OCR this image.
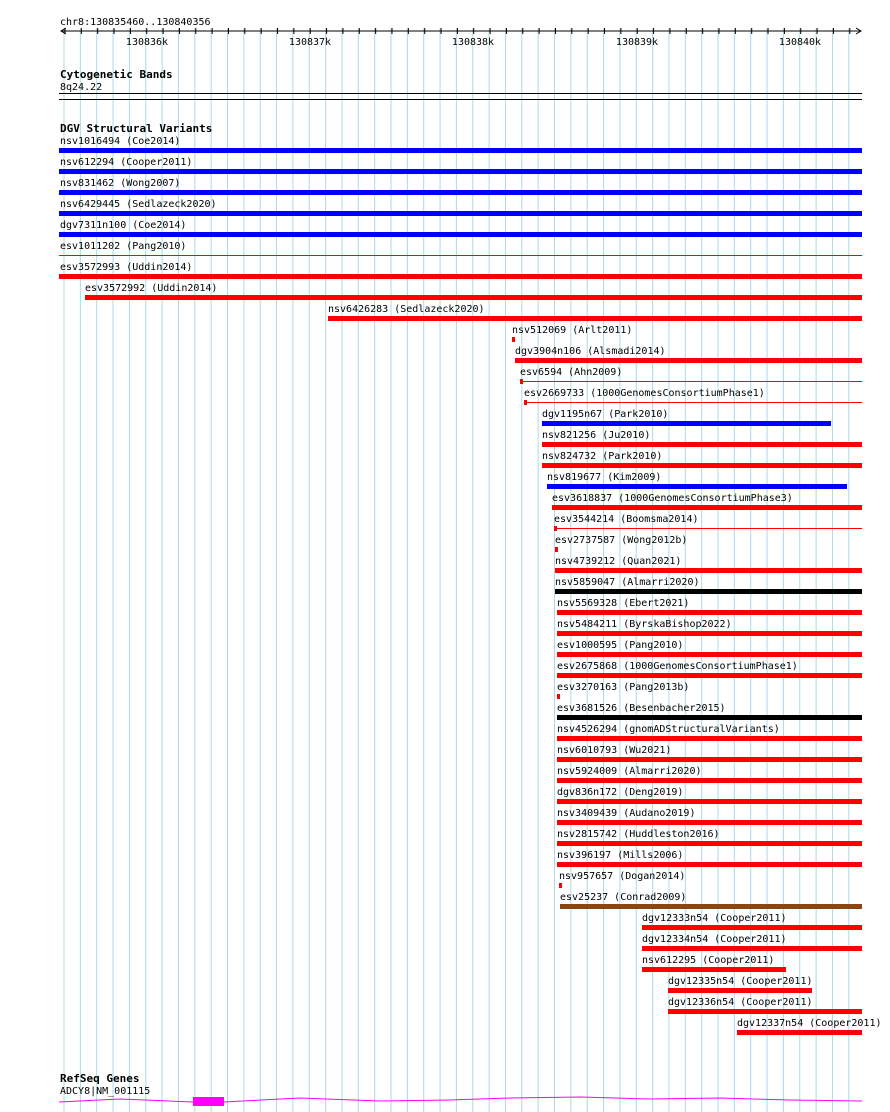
chr8:130835460..130840356
130836k	130837k	130838k	130839k	130840k
Cytogenetic Bands
8q24.22
DGV Structural Variants
nsv1016494 (Coe2014)
nsv612294 (Cooper2011)
nsv831462 (Wong2007)
nsv6429445 (Sedlazeck2020)
dgv7311n100 (Coe2014)
esv1011202 (Pang2010)
esv3572993 (Uddin2014)
esv3572992 (Uddin2014)
nsv6426283 (Sedlazeck2020)
nsv512069 (Arlt2011)
dgv3904n106 (Alsmadi2014)
esv6594 (Ahn2009)
esv2669733 (1000GenomesConsortiumPhase1)
dgv1195n67 (Park2010)
nsv821256 (Ju2010)
nsv824732 (Park2010)
nsv819677 (Kim2009)
esv3618837 (1000GenomesConsortiumPhase3)
esv3544214 (Boomsma2014)
esv2737587 (Wong2012b)
nsv4739212 (Quan2021)
nsv5859047 (Almarri2020)
nsv5569328 (Ebert2021)
nsv5484211 (ByrskaBishop2022)
esv1000595 (Pang2010)
esv2675868 (1000GenomesConsortiumPhase1)
esv3270163 (Pang2013b)
esv3681526 (Besenbacher2015)
nsv4526294 (gnomADStructuralVariants)
nsv6010793 (Wu2021)
nsv5924009 (Almarri2020)
dgv836n172 (Deng2019)
nsv3409439 (Audano2019)
nsv2815742 (Huddleston2016)
nsv396197 (Mills2006)
nsv957657 (Dogan2014)
esv25237 (Conrad2009)
dgv12333n54 (Cooper2011)
dgv12334n54 (Cooper2011)
nsv612295 (Cooper2011)
dgv12335n54 (Cooper2011)
dgv12336n54 (Cooper2011)
dgv12337n54 (Cooper2011)
RefSeq Genes
ADCY8|NM_001115
